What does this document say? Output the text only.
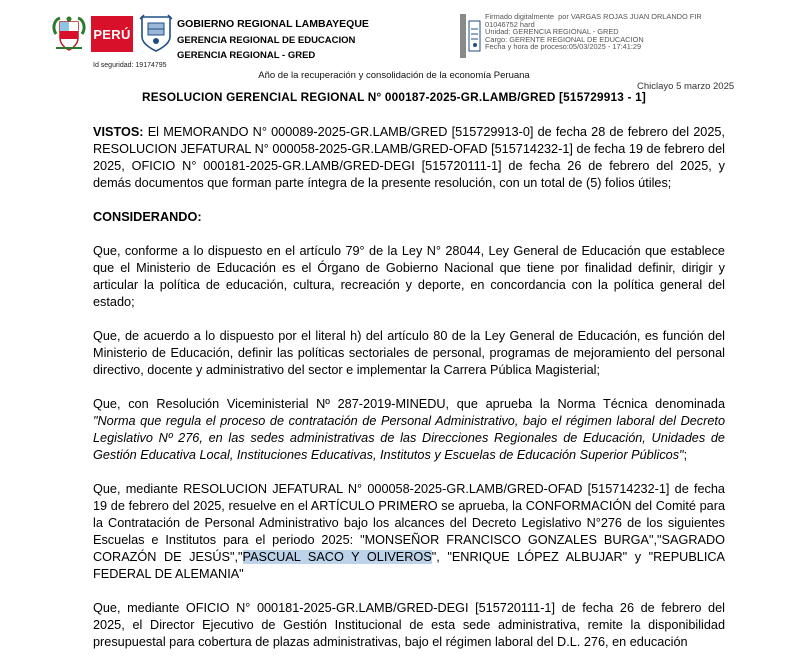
PERÚ
GOBIERNO REGIONAL LAMBAYEQUE
GERENCIA REGIONAL DE EDUCACION
GERENCIA REGIONAL - GRED
Id seguridad: 19174795
Firmado digitalmente  por VARGAS ROJAS JUAN ORLANDO FIR
01046752 hard
Unidad: GERENCIA REGIONAL - GRED
Cargo: GERENTE REGIONAL DE EDUCACION
Fecha y hora de proceso:05/03/2025 - 17:41:29
Año de la recuperación y consolidación de la economía Peruana
Chiclayo 5 marzo 2025
RESOLUCION GERENCIAL REGIONAL N° 000187-2025-GR.LAMB/GRED [515729913 - 1]

VISTOS: El MEMORANDO N° 000089-2025-GR.LAMB/GRED [515729913-0] de fecha 28 de febrero del 2025, RESOLUCION JEFATURAL N° 000058-2025-GR.LAMB/GRED-OFAD [515714232-1] de fecha 19 de febrero del 2025, OFICIO N° 000181-2025-GR.LAMB/GRED-DEGI [515720111-1] de fecha 26 de febrero del 2025, y demás documentos que forman parte íntegra de la presente resolución, con un total de (5) folios útiles;

CONSIDERANDO:

Que, conforme a lo dispuesto en el artículo 79° de la Ley N° 28044, Ley General de Educación que establece que el Ministerio de Educación es el Órgano de Gobierno Nacional que tiene por finalidad definir, dirigir y articular la política de educación, cultura, recreación y deporte, en concordancia con la política general del estado;

Que, de acuerdo a lo dispuesto por el literal h) del artículo 80 de la Ley General de Educación, es función del Ministerio de Educación, definir las políticas sectoriales de personal, programas de mejoramiento del personal directivo, docente y administrativo del sector e implementar la Carrera Pública Magisterial;

Que, con Resolución Viceministerial Nº 287-2019-MINEDU, que aprueba la Norma Técnica denominada "Norma que regula el proceso de contratación de Personal Administrativo, bajo el régimen laboral del Decreto Legislativo Nº 276, en las sedes administrativas de las Direcciones Regionales de Educación, Unidades de Gestión Educativa Local, Instituciones Educativas, Institutos y Escuelas de Educación Superior Públicos";

Que, mediante RESOLUCION JEFATURAL N° 000058-2025-GR.LAMB/GRED-OFAD [515714232-1] de fecha 19 de febrero del 2025, resuelve en el ARTÍCULO PRIMERO se aprueba, la CONFORMACIÓN del Comité para la Contratación de Personal Administrativo bajo los alcances del Decreto Legislativo N°276 de los siguientes Escuelas e Institutos para el periodo 2025: "MONSEÑOR FRANCISCO GONZALES BURGA","SAGRADO CORAZÓN DE JESÚS","PASCUAL SACO Y OLIVEROS", "ENRIQUE LÓPEZ ALBUJAR" y "REPUBLICA FEDERAL DE ALEMANIA"

Que, mediante OFICIO N° 000181-2025-GR.LAMB/GRED-DEGI [515720111-1] de fecha 26 de febrero del 2025, el Director Ejecutivo de Gestión Institucional de esta sede administrativa, remite la disponibilidad presupuestal para cobertura de plazas administrativas, bajo el régimen laboral del D.L. 276, en educación
